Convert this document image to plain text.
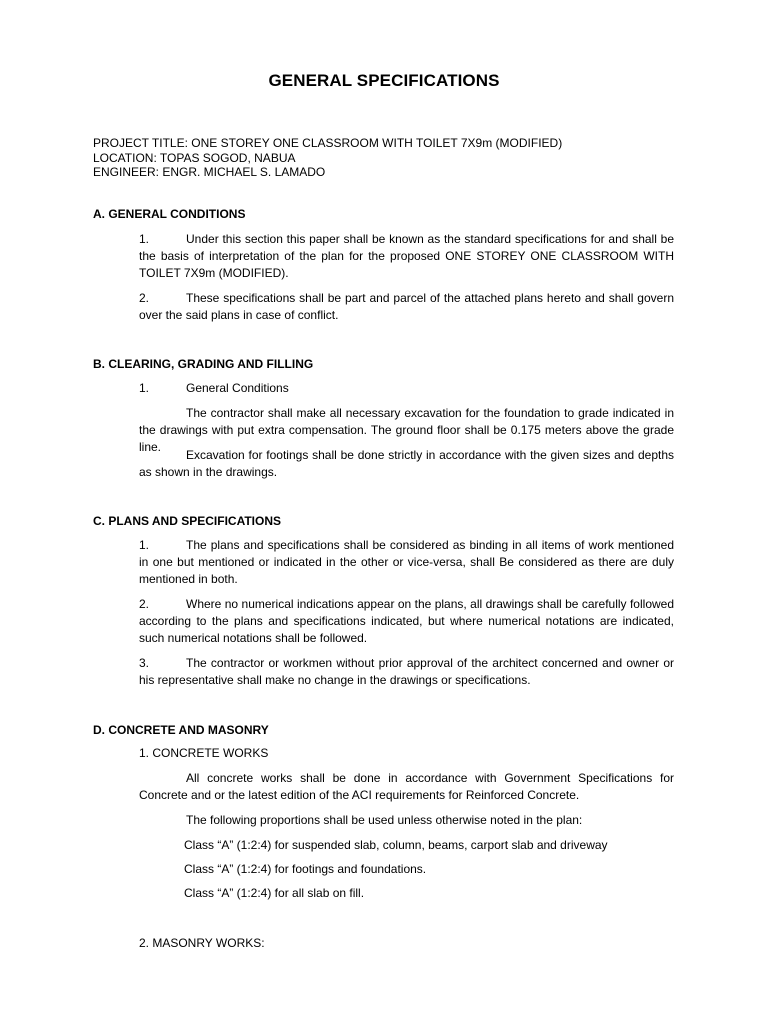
GENERAL SPECIFICATIONS
PROJECT TITLE: ONE STOREY ONE CLASSROOM WITH TOILET 7X9m (MODIFIED)
LOCATION: TOPAS SOGOD, NABUA
ENGINEER: ENGR. MICHAEL S. LAMADO
A. GENERAL CONDITIONS
1.	Under this section this paper shall be known as the standard specifications for and shall be the basis of interpretation of the plan for the proposed ONE STOREY ONE CLASSROOM WITH TOILET 7X9m (MODIFIED).
2.	These specifications shall be part and parcel of the attached plans hereto and shall govern over the said plans in case of conflict.
B. CLEARING, GRADING AND FILLING
1.	General Conditions
The contractor shall make all necessary excavation for the foundation to grade indicated in the drawings with put extra compensation. The ground floor shall be 0.175 meters above the grade line.
Excavation for footings shall be done strictly in accordance with the given sizes and depths as shown in the drawings.
C. PLANS AND SPECIFICATIONS
1.	The plans and specifications shall be considered as binding in all items of work mentioned in one but mentioned or indicated in the other or vice-versa, shall Be considered as there are duly mentioned in both.
2.	Where no numerical indications appear on the plans, all drawings shall be carefully followed according to the plans and specifications indicated, but where numerical notations are indicated, such numerical notations shall be followed.
3.	The contractor or workmen without prior approval of the architect concerned and owner or his representative shall make no change in the drawings or specifications.
D. CONCRETE AND MASONRY
1. CONCRETE WORKS
All concrete works shall be done in accordance with Government Specifications for Concrete and or the latest edition of the ACI requirements for Reinforced Concrete.
The following proportions shall be used unless otherwise noted in the plan:
Class “A” (1:2:4) for suspended slab, column, beams, carport slab and driveway
Class “A” (1:2:4) for footings and foundations.
Class “A” (1:2:4) for all slab on fill.
2. MASONRY WORKS:
